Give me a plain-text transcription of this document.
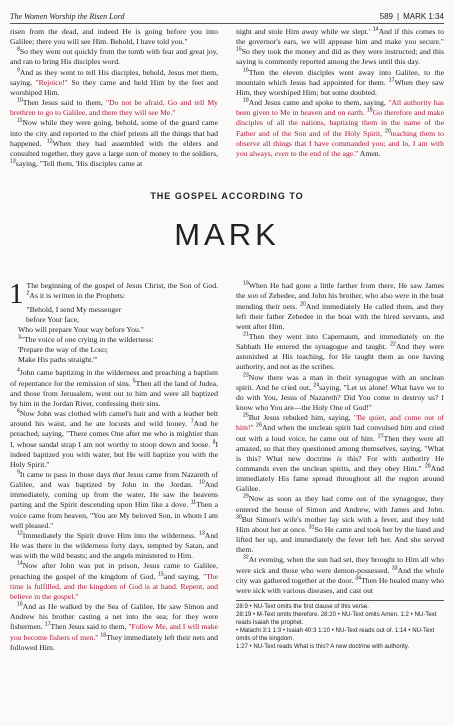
The Women Worship the Risen Lord	589 | MARK 1:34

risen from the dead, and indeed He is going before you into Galilee; there you will see Him. Behold, I have told you."

$^8$So they went out quickly from the tomb with fear and great joy, and ran to bring His disciples word.

$^9$And as they went to tell His disciples, behold, Jesus met them, saying, "Rejoice!" So they came and held Him by the feet and worshiped Him.

$^{10}$Then Jesus said to them, "Do not be afraid. Go and tell My brethren to go to Galilee, and there they will see Me."

$^{11}$Now while they were going, behold, some of the guard came into the city and reported to the chief priests all the things that had happened. $^{12}$When they had assembled with the elders and consulted together, they gave a large sum of money to the soldiers, $^{13}$saying, "Tell them, 'His disciples came at

night and stole Him away while we slept.' $^{14}$And if this comes to the governor's ears, we will appease him and make you secure." $^{15}$So they took the money and did as they were instructed; and this saying is commonly reported among the Jews until this day.

$^{16}$Then the eleven disciples went away into Galilee, to the mountain which Jesus had appointed for them. $^{17}$When they saw Him, they worshiped Him; but some doubted.

$^{18}$And Jesus came and spoke to them, saying, "All authority has been given to Me in heaven and on earth. $^{19}$Go therefore and make disciples of all the nations, baptizing them in the name of the Father and of the Son and of the Holy Spirit, $^{20}$teaching them to observe all things that I have commanded you; and lo, I am with you always, even to the end of the age." Amen.

THE GOSPEL ACCORDING TO
MARK

1 The beginning of the gospel of Jesus Christ, the Son of God. $^2$As it is written in the Prophets:

"Behold, I send My messenger

before Your face,

Who will prepare Your way before You."

$^3$"The voice of one crying in the wilderness:

'Prepare the way of the Lord;

Make His paths straight.'"

$^4$John came baptizing in the wilderness and preaching a baptism of repentance for the remission of sins. $^5$Then all the land of Judea, and those from Jerusalem, went out to him and were all baptized by him in the Jordan River, confessing their sins.

$^6$Now John was clothed with camel's hair and with a leather belt around his waist, and he ate locusts and wild honey. $^7$And he preached, saying, "There comes One after me who is mightier than I, whose sandal strap I am not worthy to stoop down and loose. $^8$I indeed baptized you with water, but He will baptize you with the Holy Spirit."

$^9$It came to pass in those days that Jesus came from Nazareth of Galilee, and was baptized by John in the Jordan. $^{10}$And immediately, coming up from the water, He saw the heavens parting and the Spirit descending upon Him like a dove. $^{11}$Then a voice came from heaven, "You are My beloved Son, in whom I am well pleased."

$^{12}$Immediately the Spirit drove Him into the wilderness. $^{13}$And He was there in the wilderness forty days, tempted by Satan, and was with the wild beasts; and the angels ministered to Him.

$^{14}$Now after John was put in prison, Jesus came to Galilee, preaching the gospel of the kingdom of God, $^{15}$and saying, "The time is fulfilled, and the kingdom of God is at hand. Repent, and believe in the gospel."

$^{16}$And as He walked by the Sea of Galilee, He saw Simon and Andrew his brother casting a net into the sea; for they were fishermen. $^{17}$Then Jesus said to them, "Follow Me, and I will make you become fishers of men." $^{18}$They immediately left their nets and followed Him.

$^{19}$When He had gone a little farther from there, He saw James the son of Zebedee, and John his brother, who also were in the boat mending their nets. $^{20}$And immediately He called them, and they left their father Zebedee in the boat with the hired servants, and went after Him.

$^{21}$Then they went into Capernaum, and immediately on the Sabbath He entered the synagogue and taught. $^{22}$And they were astonished at His teaching, for He taught them as one having authority, and not as the scribes.

$^{23}$Now there was a man in their synagogue with an unclean spirit. And he cried out, $^{24}$saying, "Let us alone! What have we to do with You, Jesus of Nazareth? Did You come to destroy us? I know who You are—the Holy One of God!"

$^{25}$But Jesus rebuked him, saying, "Be quiet, and come out of him!" $^{26}$And when the unclean spirit had convulsed him and cried out with a loud voice, he came out of him. $^{27}$Then they were all amazed, so that they questioned among themselves, saying, "What is this? What new doctrine is this? For with authority He commands even the unclean spirits, and they obey Him." $^{28}$And immediately His fame spread throughout all the region around Galilee.

$^{29}$Now as soon as they had come out of the synagogue, they entered the house of Simon and Andrew, with James and John. $^{30}$But Simon's wife's mother lay sick with a fever, and they told Him about her at once. $^{31}$So He came and took her by the hand and lifted her up, and immediately the fever left her. And she served them.

$^{32}$At evening, when the sun had set, they brought to Him all who were sick and those who were demon-possessed. $^{33}$And the whole city was gathered together at the door. $^{34}$Then He healed many who were sick with various diseases, and cast out

28:9 • NU-Text omits the first clause of this verse.

28:19 • M-Text omits therefore. 28:20 • NU-Text omits Amen. 1:2 • NU-Text reads Isaiah the prophet.

• Malachi 3:1 1:3 • Isaiah 40:3 1:10 • NU-Text reads out of. 1:14 • NU-Text omits of the kingdom.

1:27 • NU-Text reads What is this? A new doctrine with authority.
